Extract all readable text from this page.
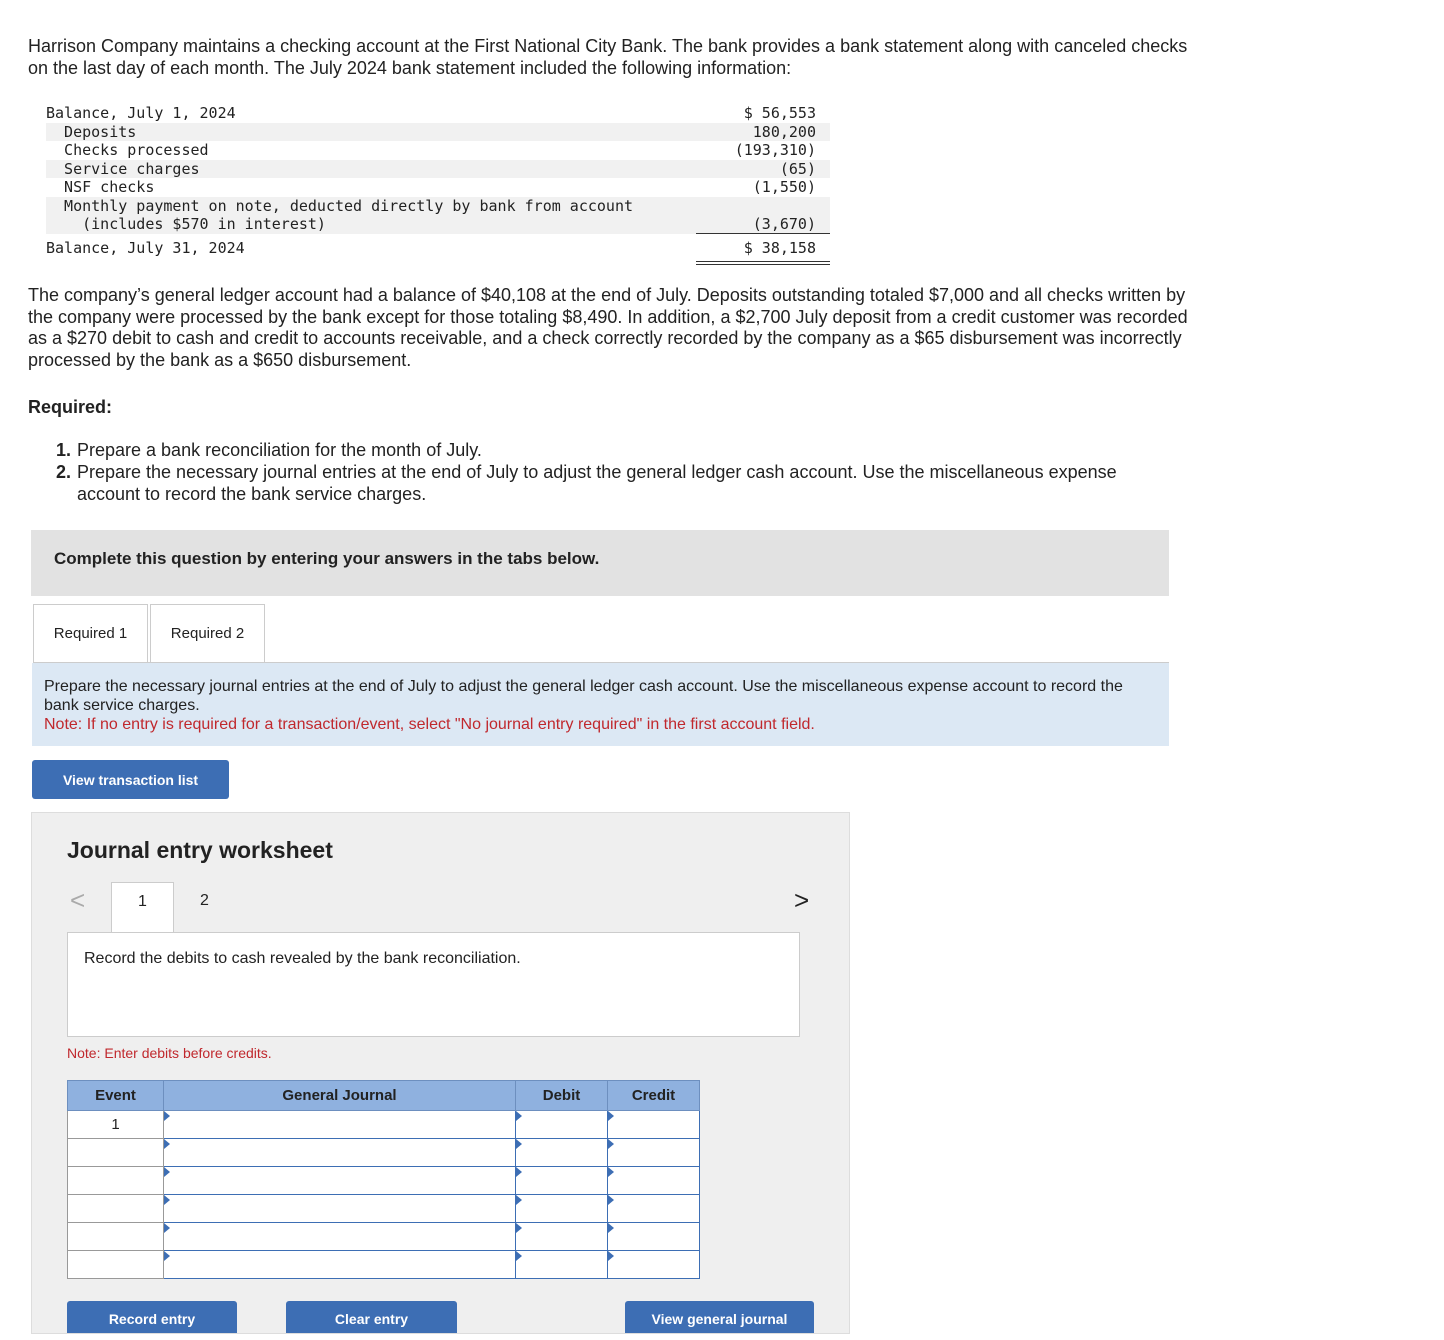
Harrison Company maintains a checking account at the First National City Bank. The bank provides a bank statement along with canceled checks on the last day of each month. The July 2024 bank statement included the following information:
Balance, July 1, 2024	$ 56,553
Deposits	180,200
Checks processed	(193,310)
Service charges	(65)
NSF checks	(1,550)
Monthly payment on note, deducted directly by bank from account
(includes $570 in interest)	(3,670)
Balance, July 31, 2024	$ 38,158
The company’s general ledger account had a balance of $40,108 at the end of July. Deposits outstanding totaled $7,000 and all checks written by the company were processed by the bank except for those totaling $8,490. In addition, a $2,700 July deposit from a credit customer was recorded as a $270 debit to cash and credit to accounts receivable, and a check correctly recorded by the company as a $65 disbursement was incorrectly processed by the bank as a $650 disbursement.
Required:
1. Prepare a bank reconciliation for the month of July.
2. Prepare the necessary journal entries at the end of July to adjust the general ledger cash account. Use the miscellaneous expense account to record the bank service charges.
Complete this question by entering your answers in the tabs below.
Required 1	Required 2
Prepare the necessary journal entries at the end of July to adjust the general ledger cash account. Use the miscellaneous expense account to record the bank service charges.
Note: If no entry is required for a transaction/event, select "No journal entry required" in the first account field.
View transaction list
Journal entry worksheet
<	1	2	>
Record the debits to cash revealed by the bank reconciliation.
Note: Enter debits before credits.
Event	General Journal	Debit	Credit
1			

Record entry	Clear entry	View general journal
